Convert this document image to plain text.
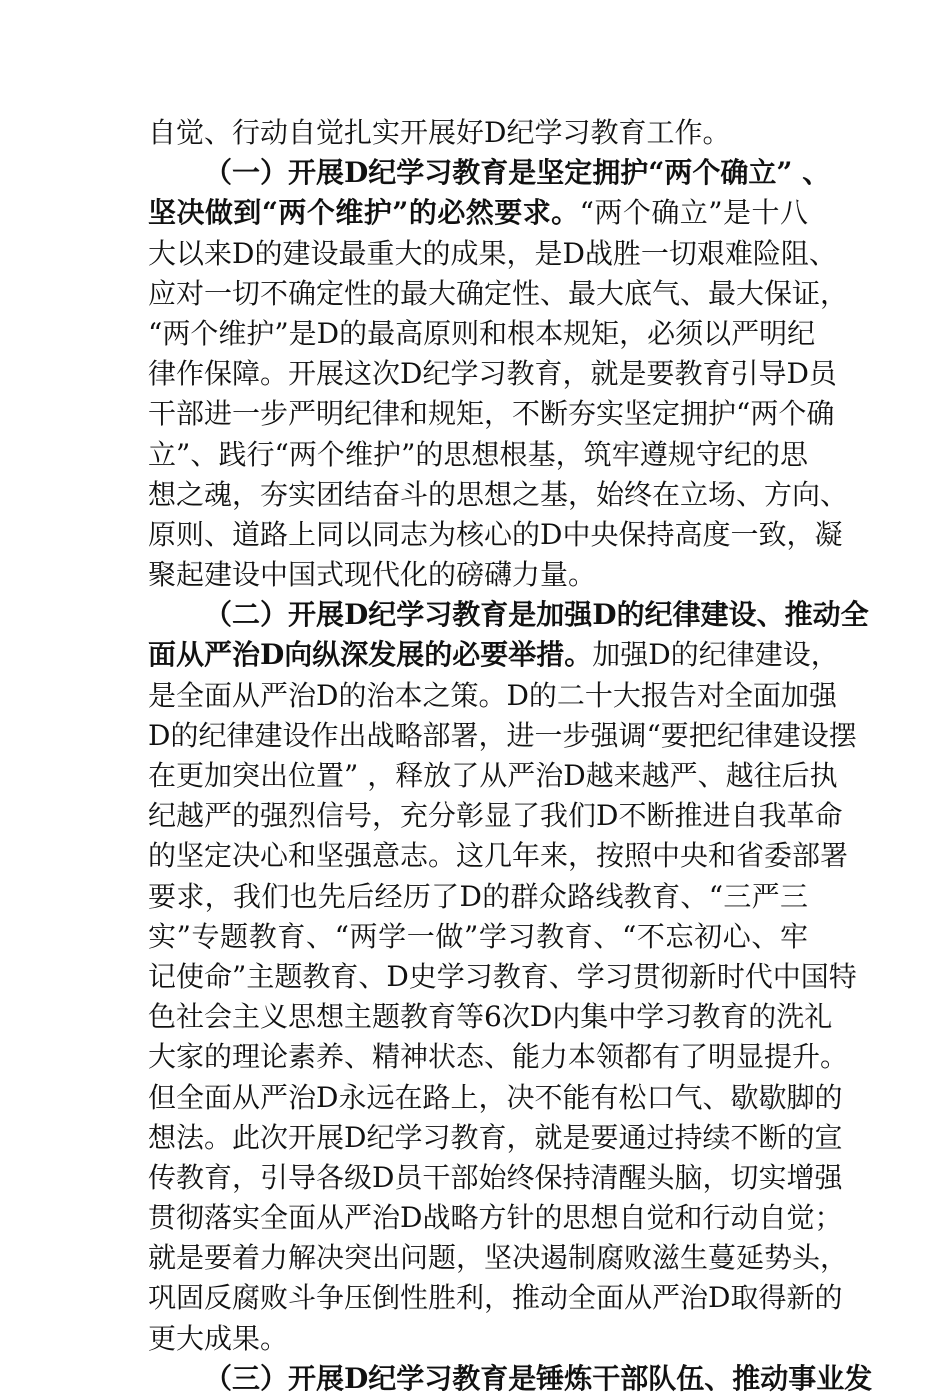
自觉、行动自觉扎实开展好D纪学习教育工作。
（一）开展D纪学习教育是坚定拥护“两个确立” 、
坚决做到“两个维护”的必然要求。“两个确立”是十八
大以来D的建设最重大的成果，是D战胜一切艰难险阻、
应对一切不确定性的最大确定性、最大底气、最大保证，
“两个维护”是D的最高原则和根本规矩，必须以严明纪
律作保障。开展这次D纪学习教育，就是要教育引导D员
干部进一步严明纪律和规矩，不断夯实坚定拥护“两个确
立”、践行“两个维护”的思想根基，筑牢遵规守纪的思
想之魂，夯实团结奋斗的思想之基，始终在立场、方向、
原则、道路上同以同志为核心的D中央保持高度一致，凝
聚起建设中国式现代化的磅礴力量。
（二）开展D纪学习教育是加强D的纪律建设、推动全
面从严治D向纵深发展的必要举措。加强D的纪律建设，
是全面从严治D的治本之策。D的二十大报告对全面加强
D的纪律建设作出战略部署，进一步强调“要把纪律建设摆
在更加突出位置” ，释放了从严治D越来越严、越往后执
纪越严的强烈信号，充分彰显了我们D不断推进自我革命
的坚定决心和坚强意志。这几年来，按照中央和省委部署
要求，我们也先后经历了D的群众路线教育、“三严三
实”专题教育、“两学一做”学习教育、“不忘初心、牢
记使命”主题教育、D史学习教育、学习贯彻新时代中国特
色社会主义思想主题教育等6次D内集中学习教育的洗礼
大家的理论素养、精神状态、能力本领都有了明显提升。
但全面从严治D永远在路上，决不能有松口气、歇歇脚的
想法。此次开展D纪学习教育，就是要通过持续不断的宣
传教育，引导各级D员干部始终保持清醒头脑，切实增强
贯彻落实全面从严治D战略方针的思想自觉和行动自觉；
就是要着力解决突出问题，坚决遏制腐败滋生蔓延势头，
巩固反腐败斗争压倒性胜利，推动全面从严治D取得新的
更大成果。
（三）开展D纪学习教育是锤炼干部队伍、推动事业发
